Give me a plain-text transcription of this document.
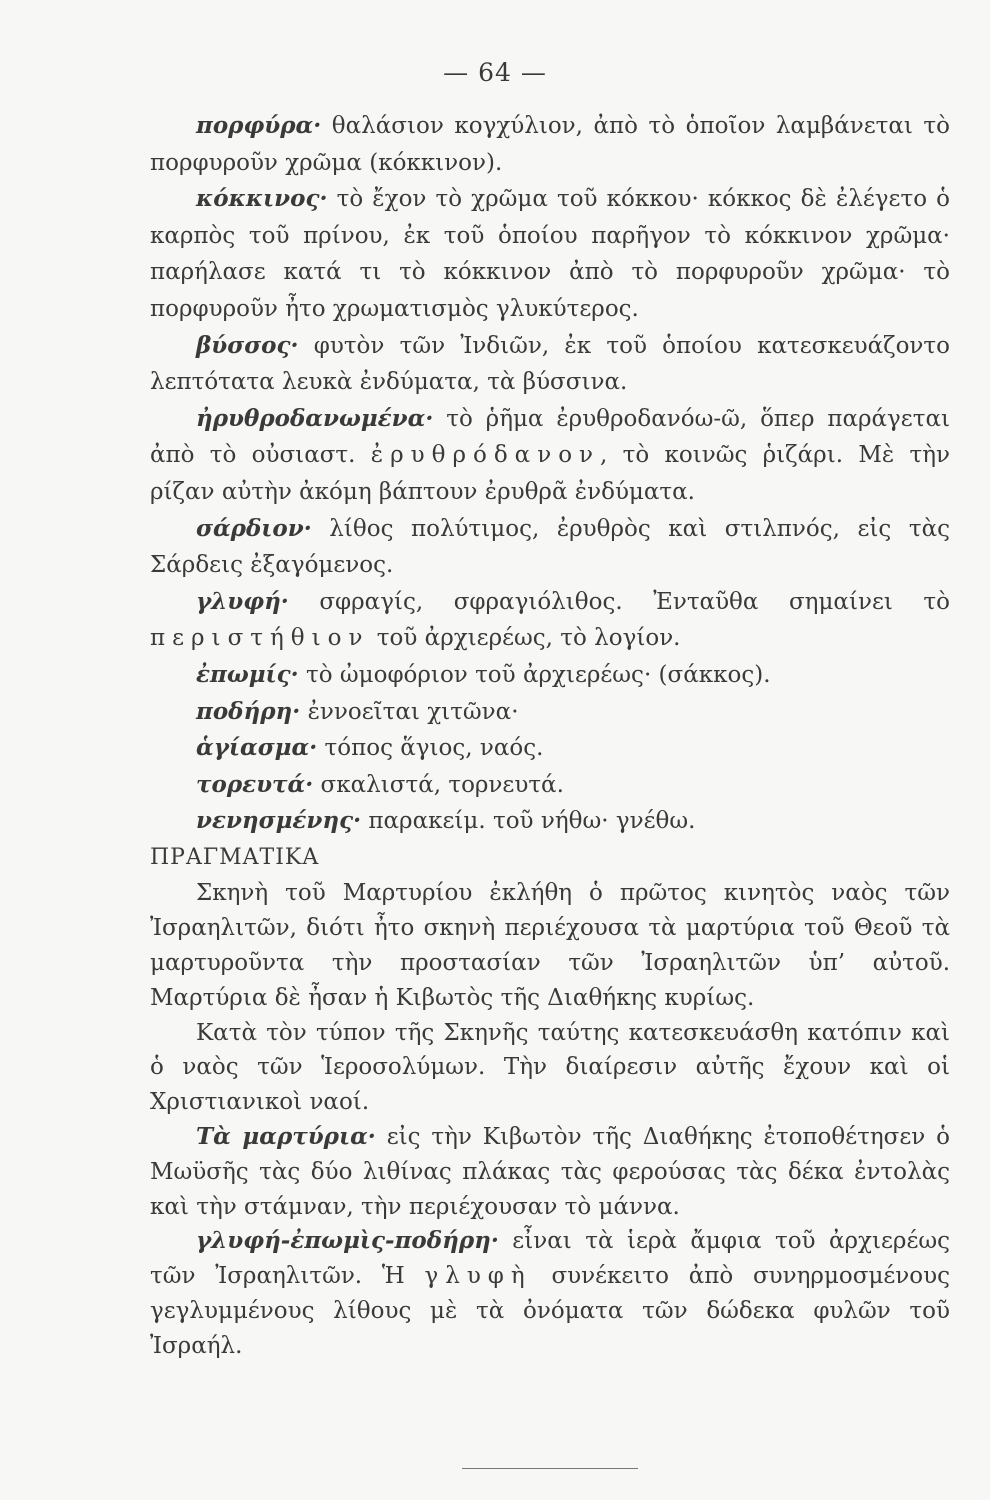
— 64 —

πορφύρα· θαλάσιον κογχύλιον, ἀπὸ τὸ ὁποῖον λαμβάνεται τὸ πορφυροῦν χρῶμα (κόκκινον).

κόκκινος· τὸ ἔχον τὸ χρῶμα τοῦ κόκκου· κόκκος δὲ ἐλέγετο ὁ καρπὸς τοῦ πρίνου, ἐκ τοῦ ὁποίου παρῆγον τὸ κόκκινον χρῶμα· παρήλασε κατά τι τὸ κόκκινον ἀπὸ τὸ πορφυροῦν χρῶμα· τὸ πορφυροῦν ἦτο χρωματισμὸς γλυκύτερος.

βύσσος· φυτὸν τῶν Ἰνδιῶν, ἐκ τοῦ ὁποίου κατεσκευάζοντο λεπτότατα λευκὰ ἐνδύματα, τὰ βύσσινα.

ἠρυθροδανωμένα· τὸ ῥῆμα ἐρυθροδανόω-ῶ, ὅπερ παράγεται ἀπὸ τὸ οὐσιαστ. ἐρυθρόδανον, τὸ κοινῶς ῥιζάρι. Μὲ τὴν ρίζαν αὐτὴν ἀκόμη βάπτουν ἐρυθρᾶ ἐνδύματα.

σάρδιον· λίθος πολύτιμος, ἐρυθρὸς καὶ στιλπνός, εἰς τὰς Σάρδεις ἐξαγόμενος.

γλυφή· σφραγίς, σφραγιόλιθος. Ἐνταῦθα σημαίνει τὸ περιστήθιον τοῦ ἀρχιερέως, τὸ λογίον.

ἐπωμίς· τὸ ὠμοφόριον τοῦ ἀρχιερέως· (σάκκος).

ποδήρη· ἐννοεῖται χιτῶνα·

ἁγίασμα· τόπος ἅγιος, ναός.

τορευτά· σκαλιστά, τορνευτά.

νενησμένης· παρακείμ. τοῦ νήθω· γνέθω.

ΠΡΑΓΜΑΤΙΚΑ

Σκηνὴ τοῦ Μαρτυρίου ἐκλήθη ὁ πρῶτος κινητὸς ναὸς τῶν Ἰσραηλιτῶν, διότι ἦτο σκηνὴ περιέχουσα τὰ μαρτύρια τοῦ Θεοῦ τὰ μαρτυροῦντα τὴν προστασίαν τῶν Ἰσραηλιτῶν ὑπ’ αὐτοῦ. Μαρτύρια δὲ ἦσαν ἡ Κιβωτὸς τῆς Διαθήκης κυρίως.

Κατὰ τὸν τύπον τῆς Σκηνῆς ταύτης κατεσκευάσθη κατόπιν καὶ ὁ ναὸς τῶν Ἱεροσολύμων. Τὴν διαίρεσιν αὐτῆς ἔχουν καὶ οἱ Χριστιανικοὶ ναοί.

Τὰ μαρτύρια· εἰς τὴν Κιβωτὸν τῆς Διαθήκης ἐτοποθέτησεν ὁ Μωϋσῆς τὰς δύο λιθίνας πλάκας τὰς φερούσας τὰς δέκα ἐντολὰς καὶ τὴν στάμναν, τὴν περιέχουσαν τὸ μάννα.

γλυφή-ἐπωμὶς-ποδήρη· εἶναι τὰ ἱερὰ ἄμφια τοῦ ἀρχιερέως τῶν Ἰσραηλιτῶν. Ἡ γλυφὴ συνέκειτο ἀπὸ συνηρμοσμένους γεγλυμμένους λίθους μὲ τὰ ὀνόματα τῶν δώδεκα φυλῶν τοῦ Ἰσραήλ.
